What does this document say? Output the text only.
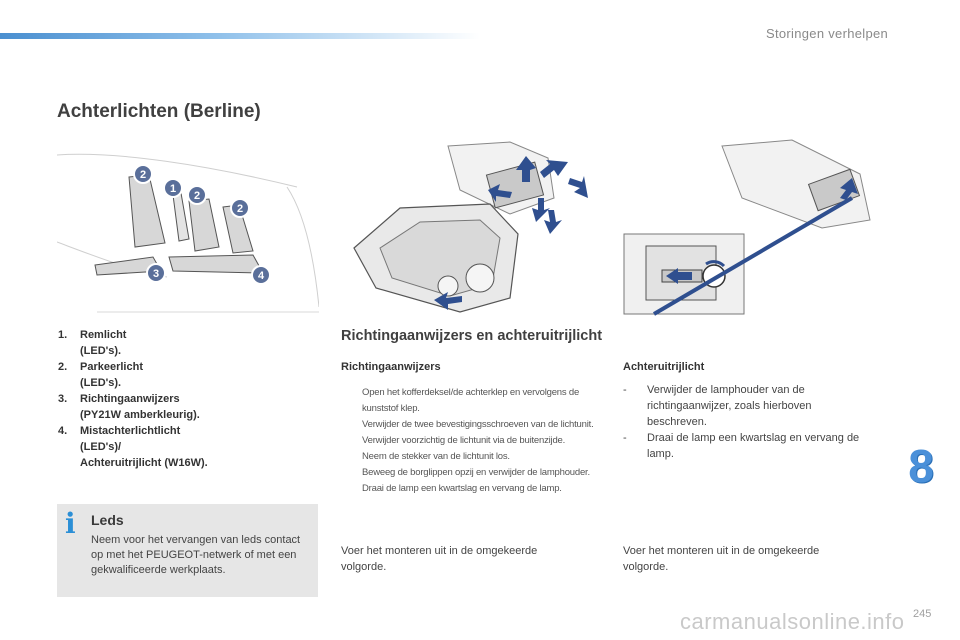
Storingen verhelpen
Achterlichten (Berline)
2
1
2
2
3	4
1.	Remlicht
(LED's).
2.	Parkeerlicht
(LED's).
3.	Richtingaanwijzers
(PY21W amberkleurig).
4.	Mistachterlichtlicht
(LED's)/
Achteruitrijlicht (W16W).
i Leds
Neem voor het vervangen van leds contact op met het PEUGEOT-netwerk of met een gekwalificeerde werkplaats.
Richtingaanwijzers en achteruitrijlicht
Richtingaanwijzers
Open het kofferdeksel/de achterklep en vervolgens de kunststof klep.
Verwijder de twee bevestigingsschroeven van de lichtunit.
Verwijder voorzichtig de lichtunit via de buitenzijde.
Neem de stekker van de lichtunit los.
Beweeg de borglippen opzij en verwijder de lamphouder.
Draai de lamp een kwartslag en vervang de lamp.
Achteruitrijlicht
-	Verwijder de lamphouder van de richtingaanwijzer, zoals hierboven beschreven.
-	Draai de lamp een kwartslag en vervang de lamp.
Voer het monteren uit in de omgekeerde volgorde.
Voer het monteren uit in de omgekeerde volgorde.
8
carmanualsonline.info 245
